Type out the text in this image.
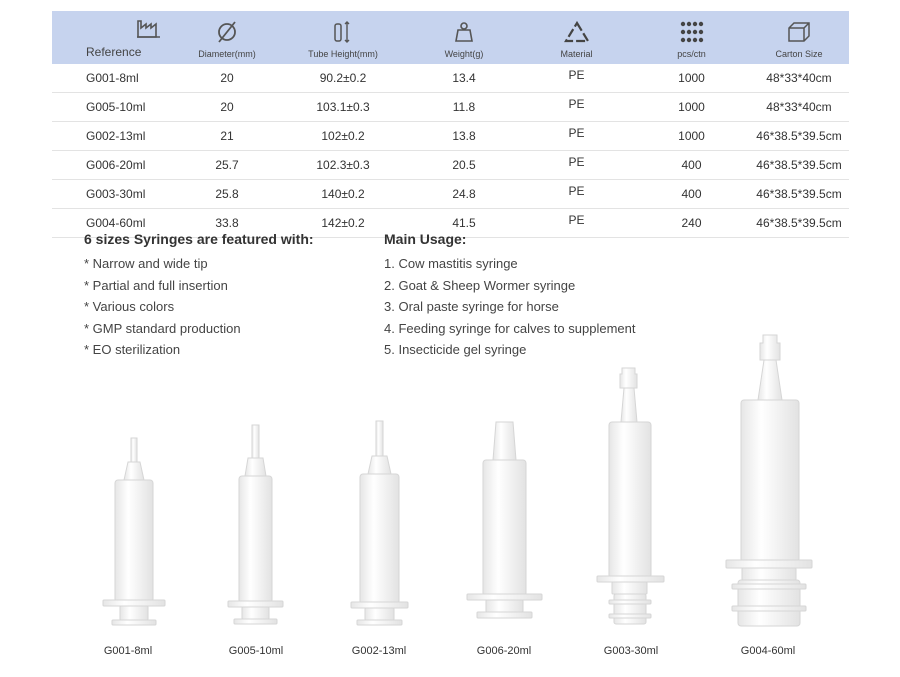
Reference	Diameter(mm)	Tube Height(mm)	Weight(g)	Material	pcs/ctn	Carton Size
G001-8ml	20	90.2±0.2	13.4	PE	1000	48*33*40cm
G005-10ml	20	103.1±0.3	11.8	PE	1000	48*33*40cm
G002-13ml	21	102±0.2	13.8	PE	1000	46*38.5*39.5cm
G006-20ml	25.7	102.3±0.3	20.5	PE	400	46*38.5*39.5cm
G003-30ml	25.8	140±0.2	24.8	PE	400	46*38.5*39.5cm
G004-60ml	33.8	142±0.2	41.5	PE	240	46*38.5*39.5cm
6 sizes Syringes are featured with:
* Narrow and wide tip
* Partial and full insertion
* Various colors
* GMP standard production
* EO sterilization
Main Usage:
1. Cow mastitis syringe
2. Goat & Sheep Wormer syringe
3. Oral paste syringe for horse
4. Feeding syringe for calves to supplement
5. Insecticide gel syringe
G001-8ml	G005-10ml	G002-13ml	G006-20ml	G003-30ml	G004-60ml
